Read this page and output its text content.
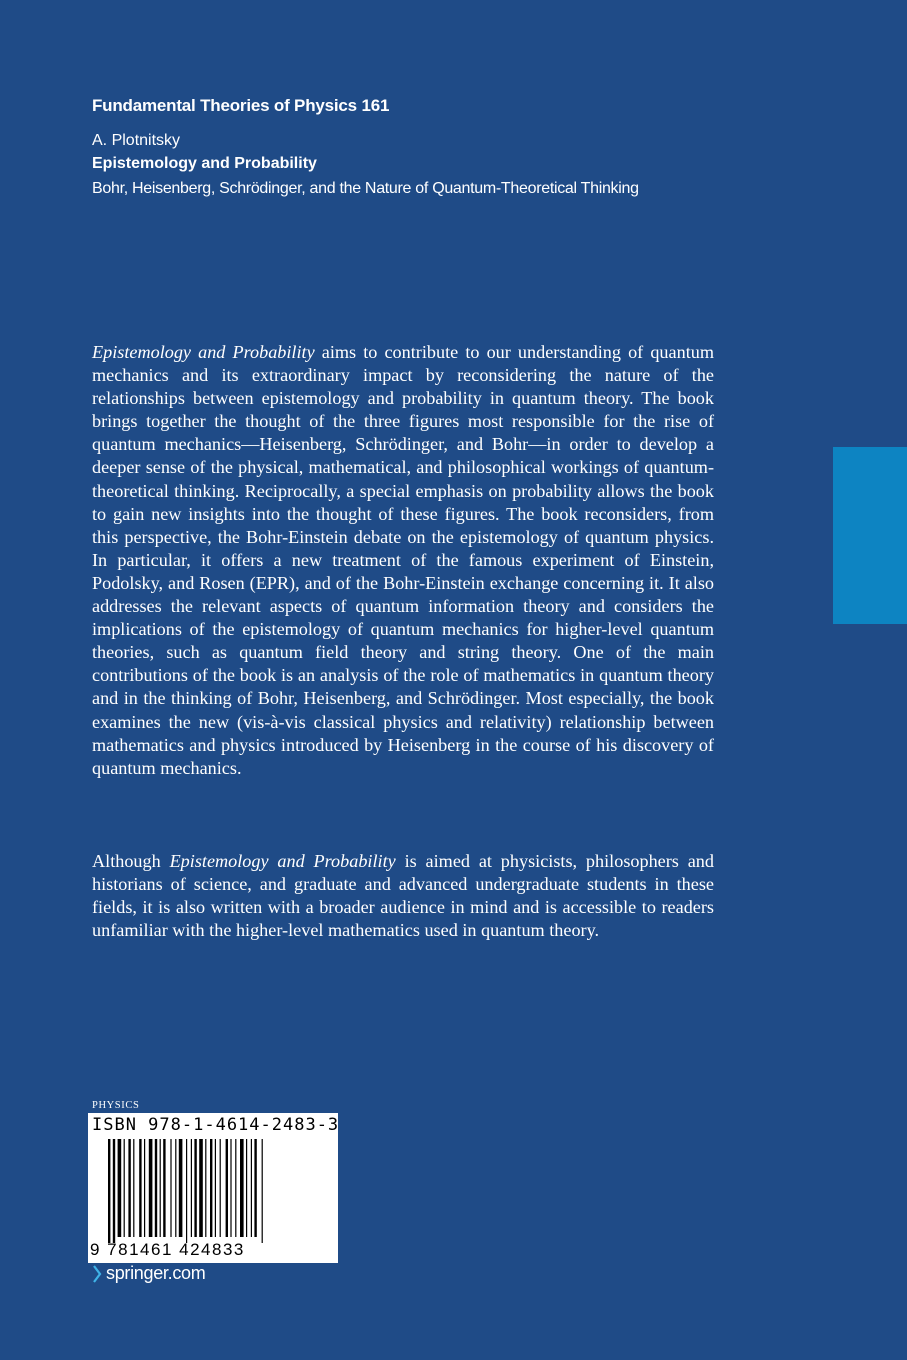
Fundamental Theories of Physics 161
A. Plotnitsky
Epistemology and Probability
Bohr, Heisenberg, Schrödinger, and the Nature of Quantum-Theoretical Thinking

Epistemology and Probability aims to contribute to our understanding of quantum mechanics and its extraordinary impact by reconsidering the nature of the relationships between epistemology and probability in quantum theory. The book brings together the thought of the three figures most responsible for the rise of quantum mechanics—Heisenberg, Schrödinger, and Bohr—in order to develop a deeper sense of the physical, mathematical, and philosophical workings of quantum-theoretical thinking. Reciprocally, a special emphasis on probability allows the book to gain new insights into the thought of these figures. The book reconsiders, from this perspective, the Bohr-Einstein debate on the epistemology of quantum physics. In particular, it offers a new treatment of the famous experiment of Einstein, Podolsky, and Rosen (EPR), and of the Bohr-Einstein exchange concerning it. It also addresses the relevant aspects of quantum information theory and considers the implications of the epistemology of quantum mechanics for higher-level quantum theories, such as quantum field theory and string theory. One of the main contributions of the book is an analysis of the role of mathematics in quantum theory and in the thinking of Bohr, Heisenberg, and Schrödinger. Most especially, the book examines the new (vis-à-vis classical physics and relativity) relationship between mathematics and physics introduced by Heisenberg in the course of his discovery of quantum mechanics.

Although Epistemology and Probability is aimed at physicists, philosophers and historians of science, and graduate and advanced undergraduate students in these fields, it is also written with a broader audience in mind and is accessible to readers unfamiliar with the higher-level mathematics used in quantum theory.

PHYSICS
ISBN 978-1-4614-2483-3
9 781461 424833
springer.com
